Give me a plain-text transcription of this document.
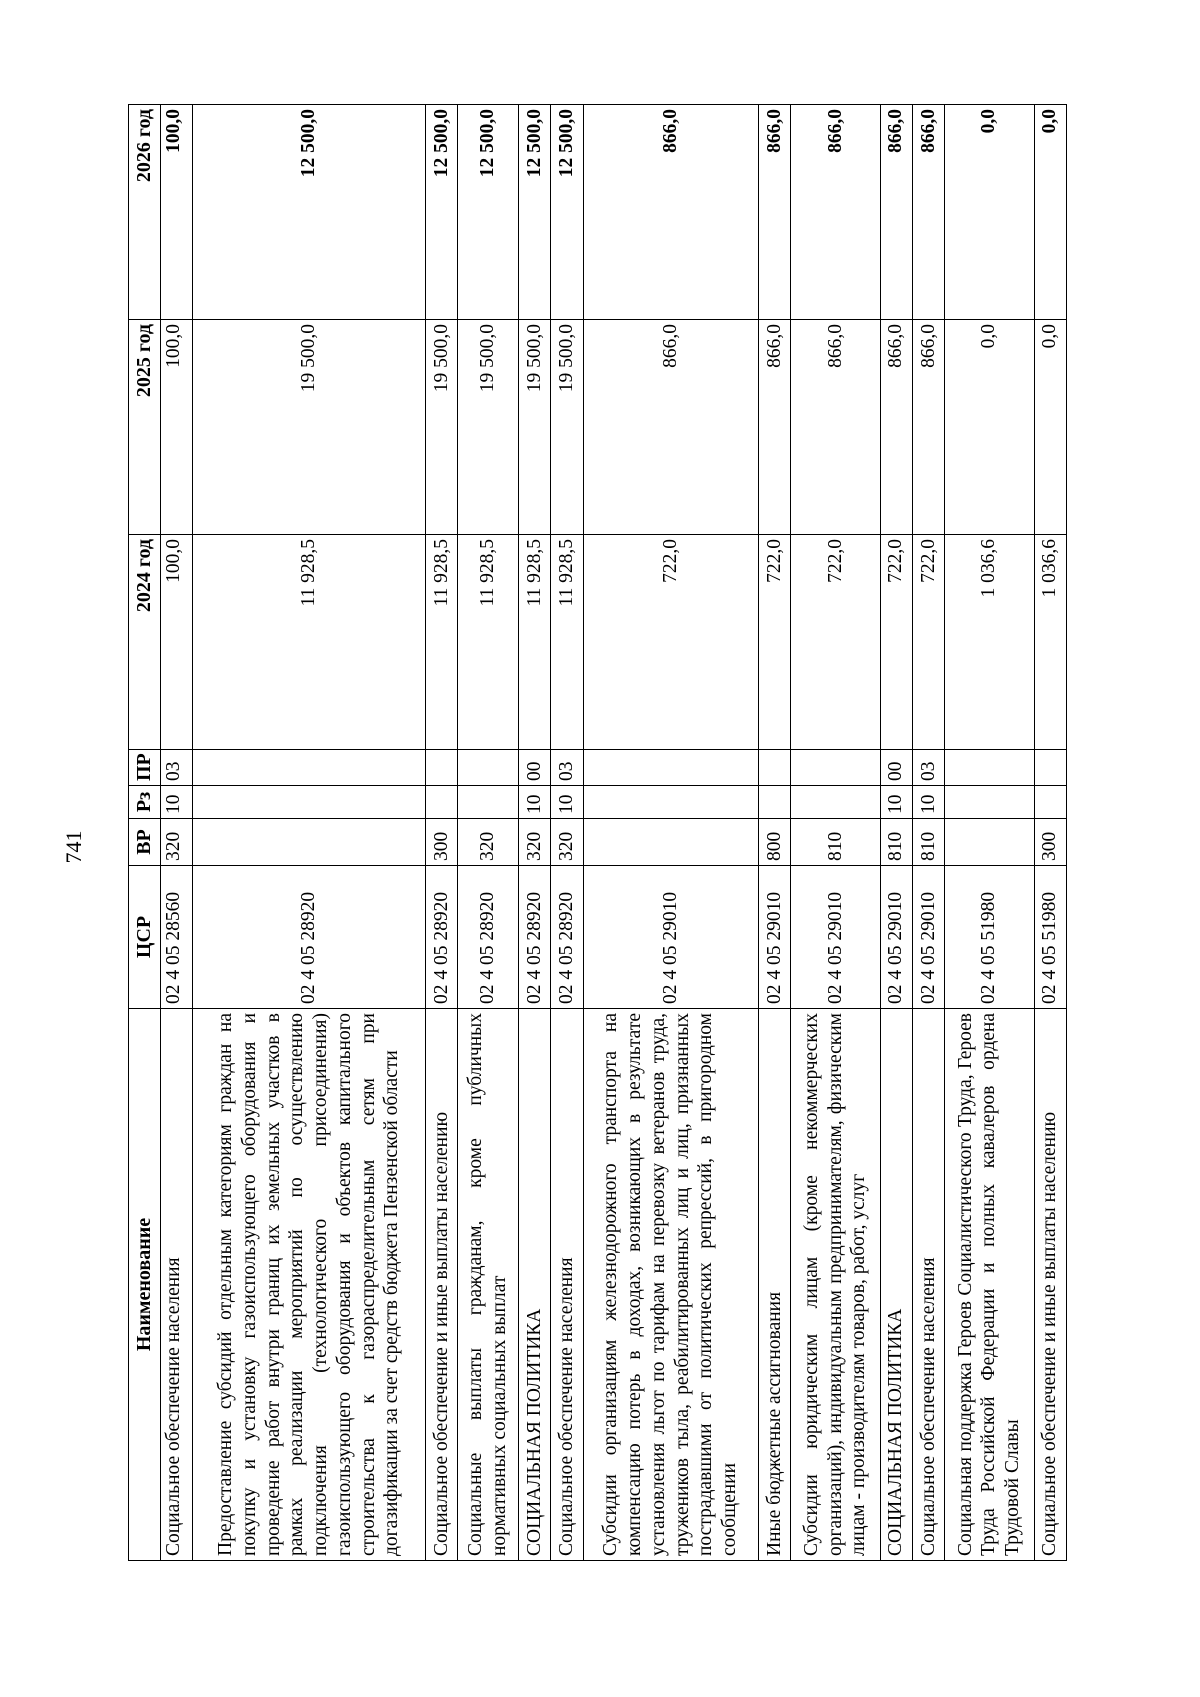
741
Наименование	ЦСР	ВР	Рз	ПР	2024 год	2025 год	2026 год
Социальное обеспечение населения	02 4 05 28560	320	10	03	100,0	100,0	100,0
Предоставление субсидий отдельным категориям граждан на покупку и установку газоиспользующего оборудования и проведение работ внутри границ их земельных участков в рамках реализации мероприятий по осуществлению подключения (технологического присоединения) газоиспользующего оборудования и объектов капитального строительства к газораспределительным сетям при догазификации за счет средств бюджета Пензенской области	02 4 05 28920				11 928,5	19 500,0	12 500,0
Социальное обеспечение и иные выплаты населению	02 4 05 28920	300			11 928,5	19 500,0	12 500,0
Социальные выплаты гражданам, кроме публичных нормативных социальных выплат	02 4 05 28920	320			11 928,5	19 500,0	12 500,0
СОЦИАЛЬНАЯ ПОЛИТИКА	02 4 05 28920	320	10	00	11 928,5	19 500,0	12 500,0
Социальное обеспечение населения	02 4 05 28920	320	10	03	11 928,5	19 500,0	12 500,0
Субсидии организациям железнодорожного транспорта на компенсацию потерь в доходах, возникающих в результате установления льгот по тарифам на перевозку ветеранов труда, тружеников тыла, реабилитированных лиц и лиц, признанных пострадавшими от политических репрессий, в пригородном сообщении	02 4 05 29010				722,0	866,0	866,0
Иные бюджетные ассигнования	02 4 05 29010	800			722,0	866,0	866,0
Субсидии юридическим лицам (кроме некоммерческих организаций), индивидуальным предпринимателям, физическим лицам - производителям товаров, работ, услуг	02 4 05 29010	810			722,0	866,0	866,0
СОЦИАЛЬНАЯ ПОЛИТИКА	02 4 05 29010	810	10	00	722,0	866,0	866,0
Социальное обеспечение населения	02 4 05 29010	810	10	03	722,0	866,0	866,0
Социальная поддержка Героев Социалистического Труда, Героев Труда Российской Федерации и полных кавалеров ордена Трудовой Славы	02 4 05 51980				1 036,6	0,0	0,0
Социальное обеспечение и иные выплаты населению	02 4 05 51980	300			1 036,6	0,0	0,0
